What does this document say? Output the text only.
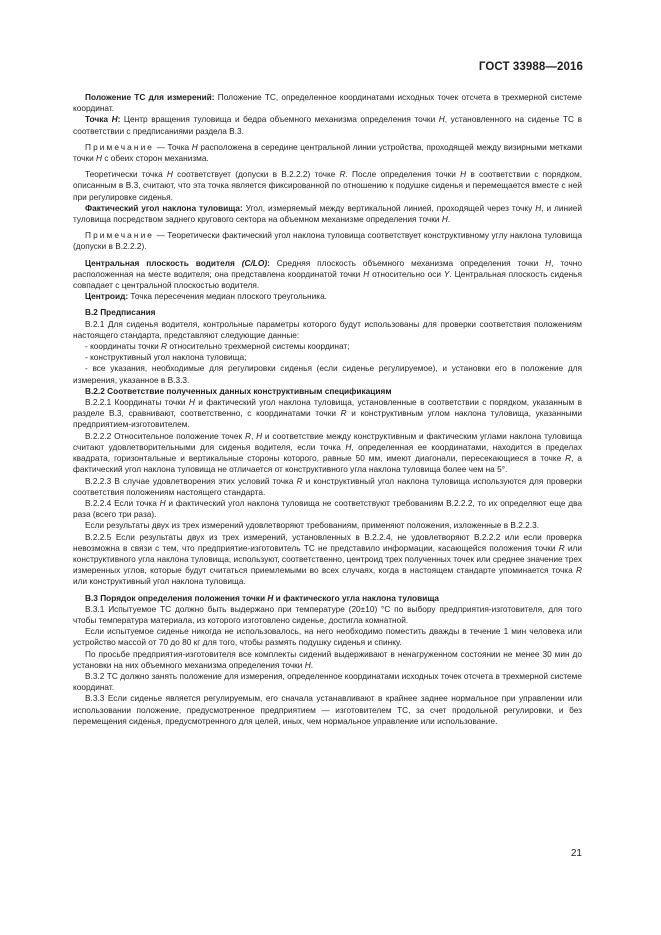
ГОСТ 33988—2016

Положение ТС для измерений: Положение ТС, определенное координатами исходных точек отсчета в трехмерной системе координат.

Точка Н: Центр вращения туловища и бедра объемного механизма определения точки Н, установленного на сиденье ТС в соответствии с предписаниями раздела В.3.

Примечание — Точка Н расположена в середине центральной линии устройства, проходящей между визирными метками точки Н с обеих сторон механизма.

Теоретически точка Н соответствует (допуски в В.2.2.2) точке R. После определения точки Н в соответствии с порядком, описанным в В.3, считают, что эта точка является фиксированной по отношению к подушке сиденья и перемещается вместе с ней при регулировке сиденья.

Фактический угол наклона туловища: Угол, измеряемый между вертикальной линией, проходящей через точку Н, и линией туловища посредством заднего кругового сектора на объемном механизме определения точки Н.

Примечание — Теоретически фактический угол наклона туловища соответствует конструктивному углу наклона туловища (допуски в В.2.2.2).

Центральная плоскость водителя (C/LO): Средняя плоскость объемного механизма определения точки Н, точно расположенная на месте водителя; она представлена координатой точки Н относительно оси Y. Центральная плоскость сиденья совпадает с центральной плоскостью водителя.

Центроид: Точка пересечения медиан плоского треугольника.

В.2 Предписания

В.2.1 Для сиденья водителя, контрольные параметры которого будут использованы для проверки соответствия положениям настоящего стандарта, представляют следующие данные:

- координаты точки R относительно трехмерной системы координат;

- конструктивный угол наклона туловища;

- все указания, необходимые для регулировки сиденья (если сиденье регулируемое), и установки его в положение для измерения, указанное в В.3.3.

В.2.2 Соответствие полученных данных конструктивным спецификациям

В.2.2.1 Координаты точки Н и фактический угол наклона туловища, установленные в соответствии с порядком, указанным в разделе В.3, сравнивают, соответственно, с координатами точки R и конструктивным углом наклона туловища, указанными предприятием-изготовителем.

В.2.2.2 Относительное положение точек R, Н и соответствие между конструктивным и фактическим углами наклона туловища считают удовлетворительными для сиденья водителя, если точка Н, определенная ее координатами, находится в пределах квадрата, горизонтальные и вертикальные стороны которого, равные 50 мм, имеют диагонали, пересекающиеся в точке R, а фактический угол наклона туловища не отличается от конструктивного угла наклона туловища более чем на 5°.

В.2.2.3 В случае удовлетворения этих условий точка R и конструктивный угол наклона туловища используются для проверки соответствия положениям настоящего стандарта.

В.2.2.4 Если точка Н и фактический угол наклона туловища не соответствуют требованиям В.2.2.2, то их определяют еще два раза (всего три раза).

Если результаты двух из трех измерений удовлетворяют требованиям, применяют положения, изложенные в В.2.2.3.

В.2.2.5 Если результаты двух из трех измерений, установленных в В.2.2.4, не удовлетворяют В.2.2.2 или если проверка невозможна в связи с тем, что предприятие-изготовитель ТС не представило информации, касающейся положения точки R или конструктивного угла наклона туловища, используют, соответственно, центроид трех полученных точек или среднее значение трех измеренных углов, которые будут считаться приемлемыми во всех случаях, когда в настоящем стандарте упоминается точка R или конструктивный угол наклона туловища.

В.3 Порядок определения положения точки Н и фактического угла наклона туловища

В.3.1 Испытуемое ТС должно быть выдержано при температуре (20±10) °С по выбору предприятия-изготовителя, для того чтобы температура материала, из которого изготовлено сиденье, достигла комнатной.

Если испытуемое сиденье никогда не использовалось, на него необходимо поместить дважды в течение 1 мин человека или устройство массой от 70 до 80 кг для того, чтобы размять подушку сиденья и спинку.

По просьбе предприятия-изготовителя все комплекты сидений выдерживают в ненагруженном состоянии не менее 30 мин до установки на них объемного механизма определения точки Н.

В.3.2 ТС должно занять положение для измерения, определенное координатами исходных точек отсчета в трехмерной системе координат.

В.3.3 Если сиденье является регулируемым, его сначала устанавливают в крайнее заднее нормальное при управлении или использовании положение, предусмотренное предприятием — изготовителем ТС, за счет продольной регулировки, и без перемещения сиденья, предусмотренного для целей, иных, чем нормальное управление или использование.

21
